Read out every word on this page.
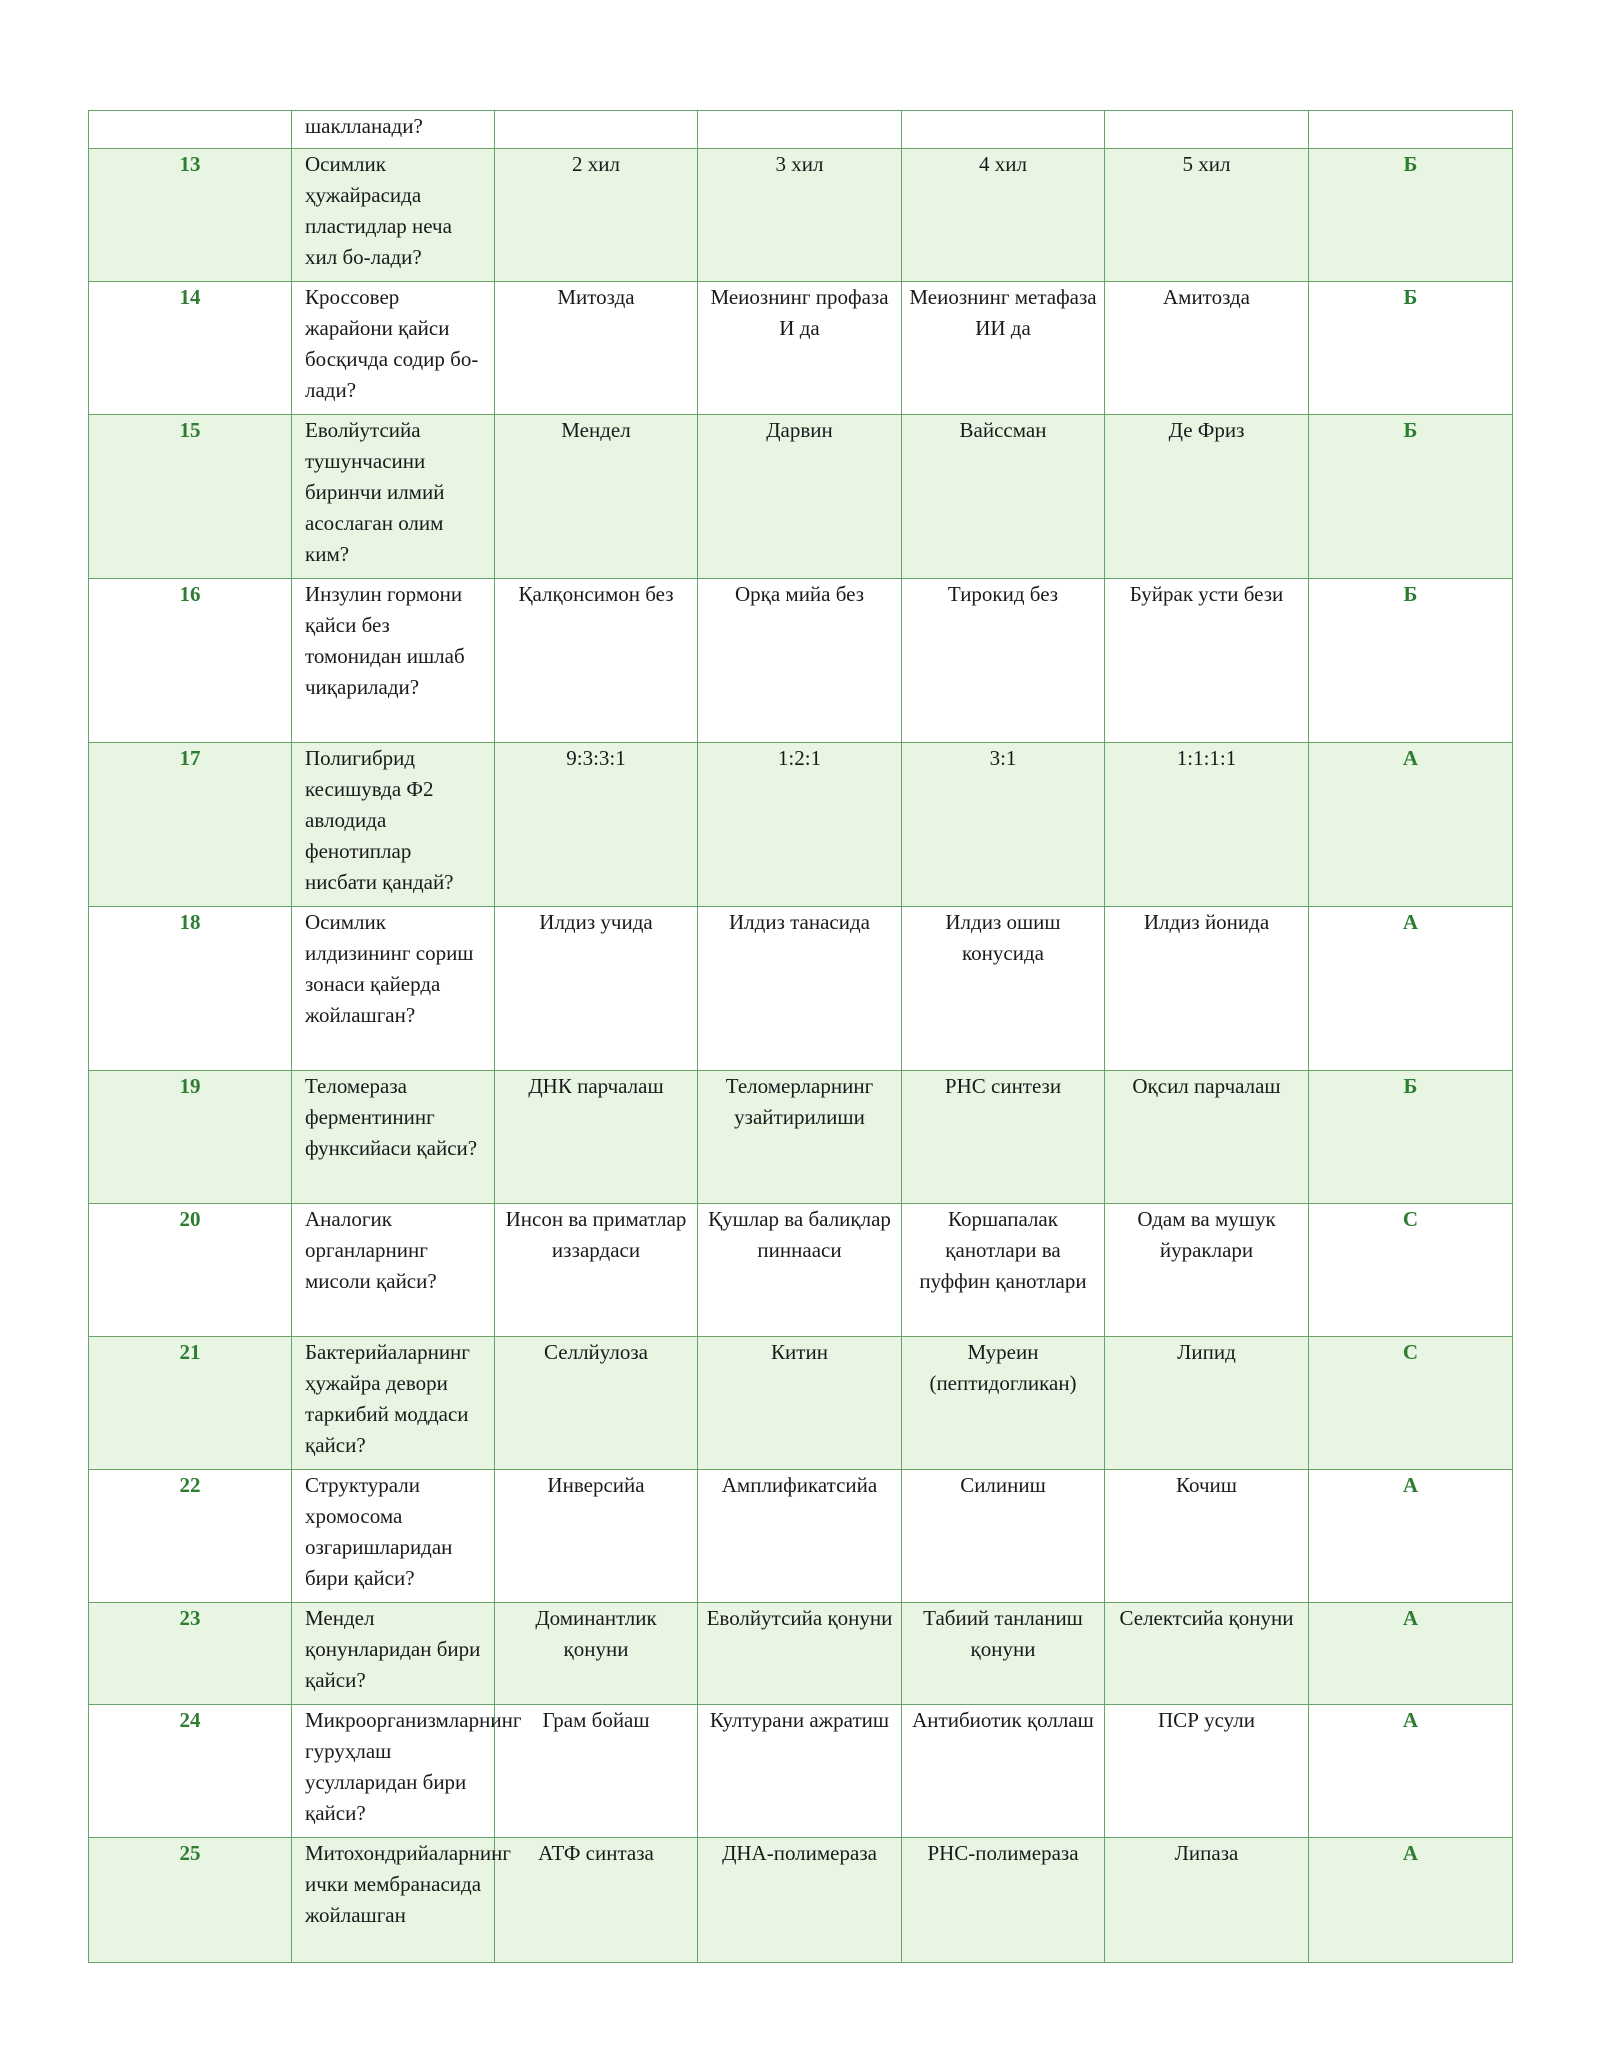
	шаклланади?					
13	Осимлик ҳужайрасида пластидлар неча хил бо-лади?	2 хил	3 хил	4 хил	5 хил	Б
14	Кроссовер жарайони қайси босқичда содир бо-лади?	Митозда	Меиознинг профаза И да	Меиознинг метафаза ИИ да	Амитозда	Б
15	Еволйутсийа тушунчасини биринчи илмий асослаган олим ким?	Мендел	Дарвин	Вайссман	Де Фриз	Б
16	Инзулин гормони қайси без томонидан ишлаб чиқарилади?	Қалқонсимон без	Орқа мийа без	Тирокид без	Буйрак усти бези	Б
17	Полигибрид кесишувда Ф2 авлодида фенотиплар нисбати қандай?	9:3:3:1	1:2:1	3:1	1:1:1:1	А
18	Осимлик илдизининг сориш зонаси қайерда жойлашган?	Илдиз учида	Илдиз танасида	Илдиз ошиш конусида	Илдиз йонида	А
19	Теломераза ферментининг функсийаси қайси?	ДНК парчалаш	Теломерларнинг узайтирилиши	РНС синтези	Оқсил парчалаш	Б
20	Аналогик органларнинг мисоли қайси?	Инсон ва приматлар иззардаси	Қушлар ва балиқлар пиннааси	Коршапалак қанотлари ва пуффин қанотлари	Одам ва мушук йураклари	С
21	Бактерийаларнинг ҳужайра девори таркибий моддаси қайси?	Селлйулоза	Китин	Муреин (пептидогликан)	Липид	С
22	Структурали хромосома озгаришларидан бири қайси?	Инверсийа	Амплификатсийа	Силиниш	Кочиш	А
23	Мендел қонунларидан бири қайси?	Доминантлик қонуни	Еволйутсийа қонуни	Табиий танланиш қонуни	Селектсийа қонуни	А
24	Микроорганизмларнинг гуруҳлаш усулларидан бири қайси?	Грам бойаш	Културани ажратиш	Антибиотик қоллаш	ПСР усули	А
25	Митохондрийаларнинг ички мембранасида жойлашган	АТФ синтаза	ДНА-полимераза	РНС-полимераза	Липаза	А
